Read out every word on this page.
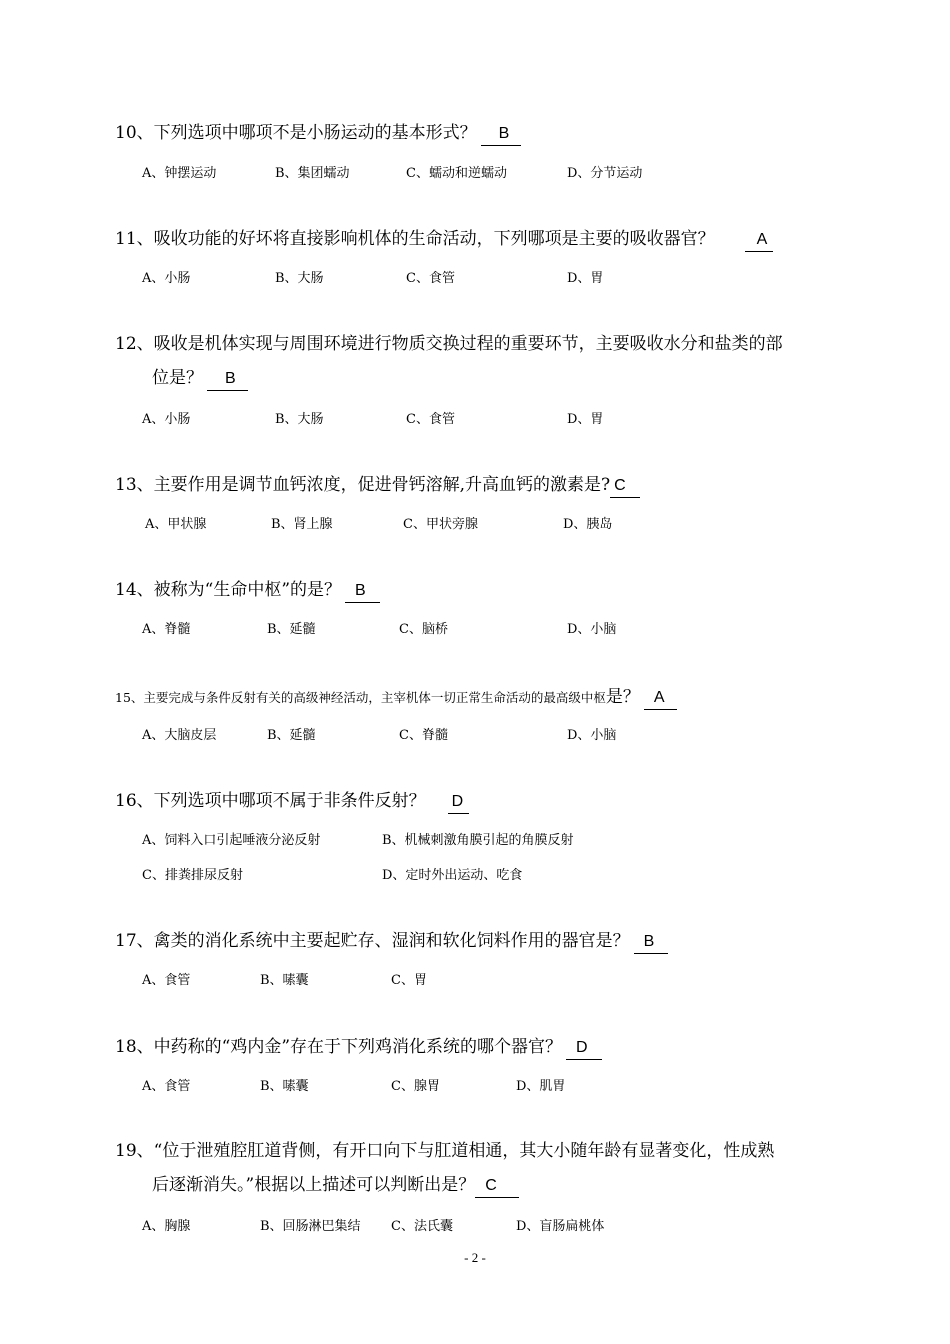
10、下列选项中哪项不是小肠运动的基本形式？ B
A、钟摆运动	B、集团蠕动	C、蠕动和逆蠕动	D、分节运动
11、吸收功能的好坏将直接影响机体的生命活动，下列哪项是主要的吸收器官？	A
A、小肠	B、大肠	C、食管	D、胃
12、吸收是机体实现与周围环境进行物质交换过程的重要环节，主要吸收水分和盐类的部
位是？ B
A、小肠	B、大肠	C、食管	D、胃
13、主要作用是调节血钙浓度，促进骨钙溶解,升高血钙的激素是? C
A、甲状腺	B、肾上腺	C、甲状旁腺	D、胰岛
14、被称为“生命中枢”的是？ B
A、脊髓	B、延髓	C、脑桥	D、小脑
15、主要完成与条件反射有关的高级神经活动，主宰机体一切正常生命活动的最高级中枢是？ A
A、大脑皮层	B、延髓	C、脊髓	D、小脑
16、下列选项中哪项不属于非条件反射？ D
A、饲料入口引起唾液分泌反射	B、机械刺激角膜引起的角膜反射
C、排粪排尿反射	D、定时外出运动、吃食
17、禽类的消化系统中主要起贮存、湿润和软化饲料作用的器官是？ B
A、食管	B、嗉囊	C、胃
18、中药称的“鸡内金”存在于下列鸡消化系统的哪个器官？ D
A、食管	B、嗉囊	C、腺胃	D、肌胃
19、“位于泄殖腔肛道背侧，有开口向下与肛道相通，其大小随年龄有显著变化，性成熟
后逐渐消失。”根据以上描述可以判断出是？ C
A、胸腺	B、回肠淋巴集结 C、法氏囊	D、盲肠扁桃体
- 2 -
